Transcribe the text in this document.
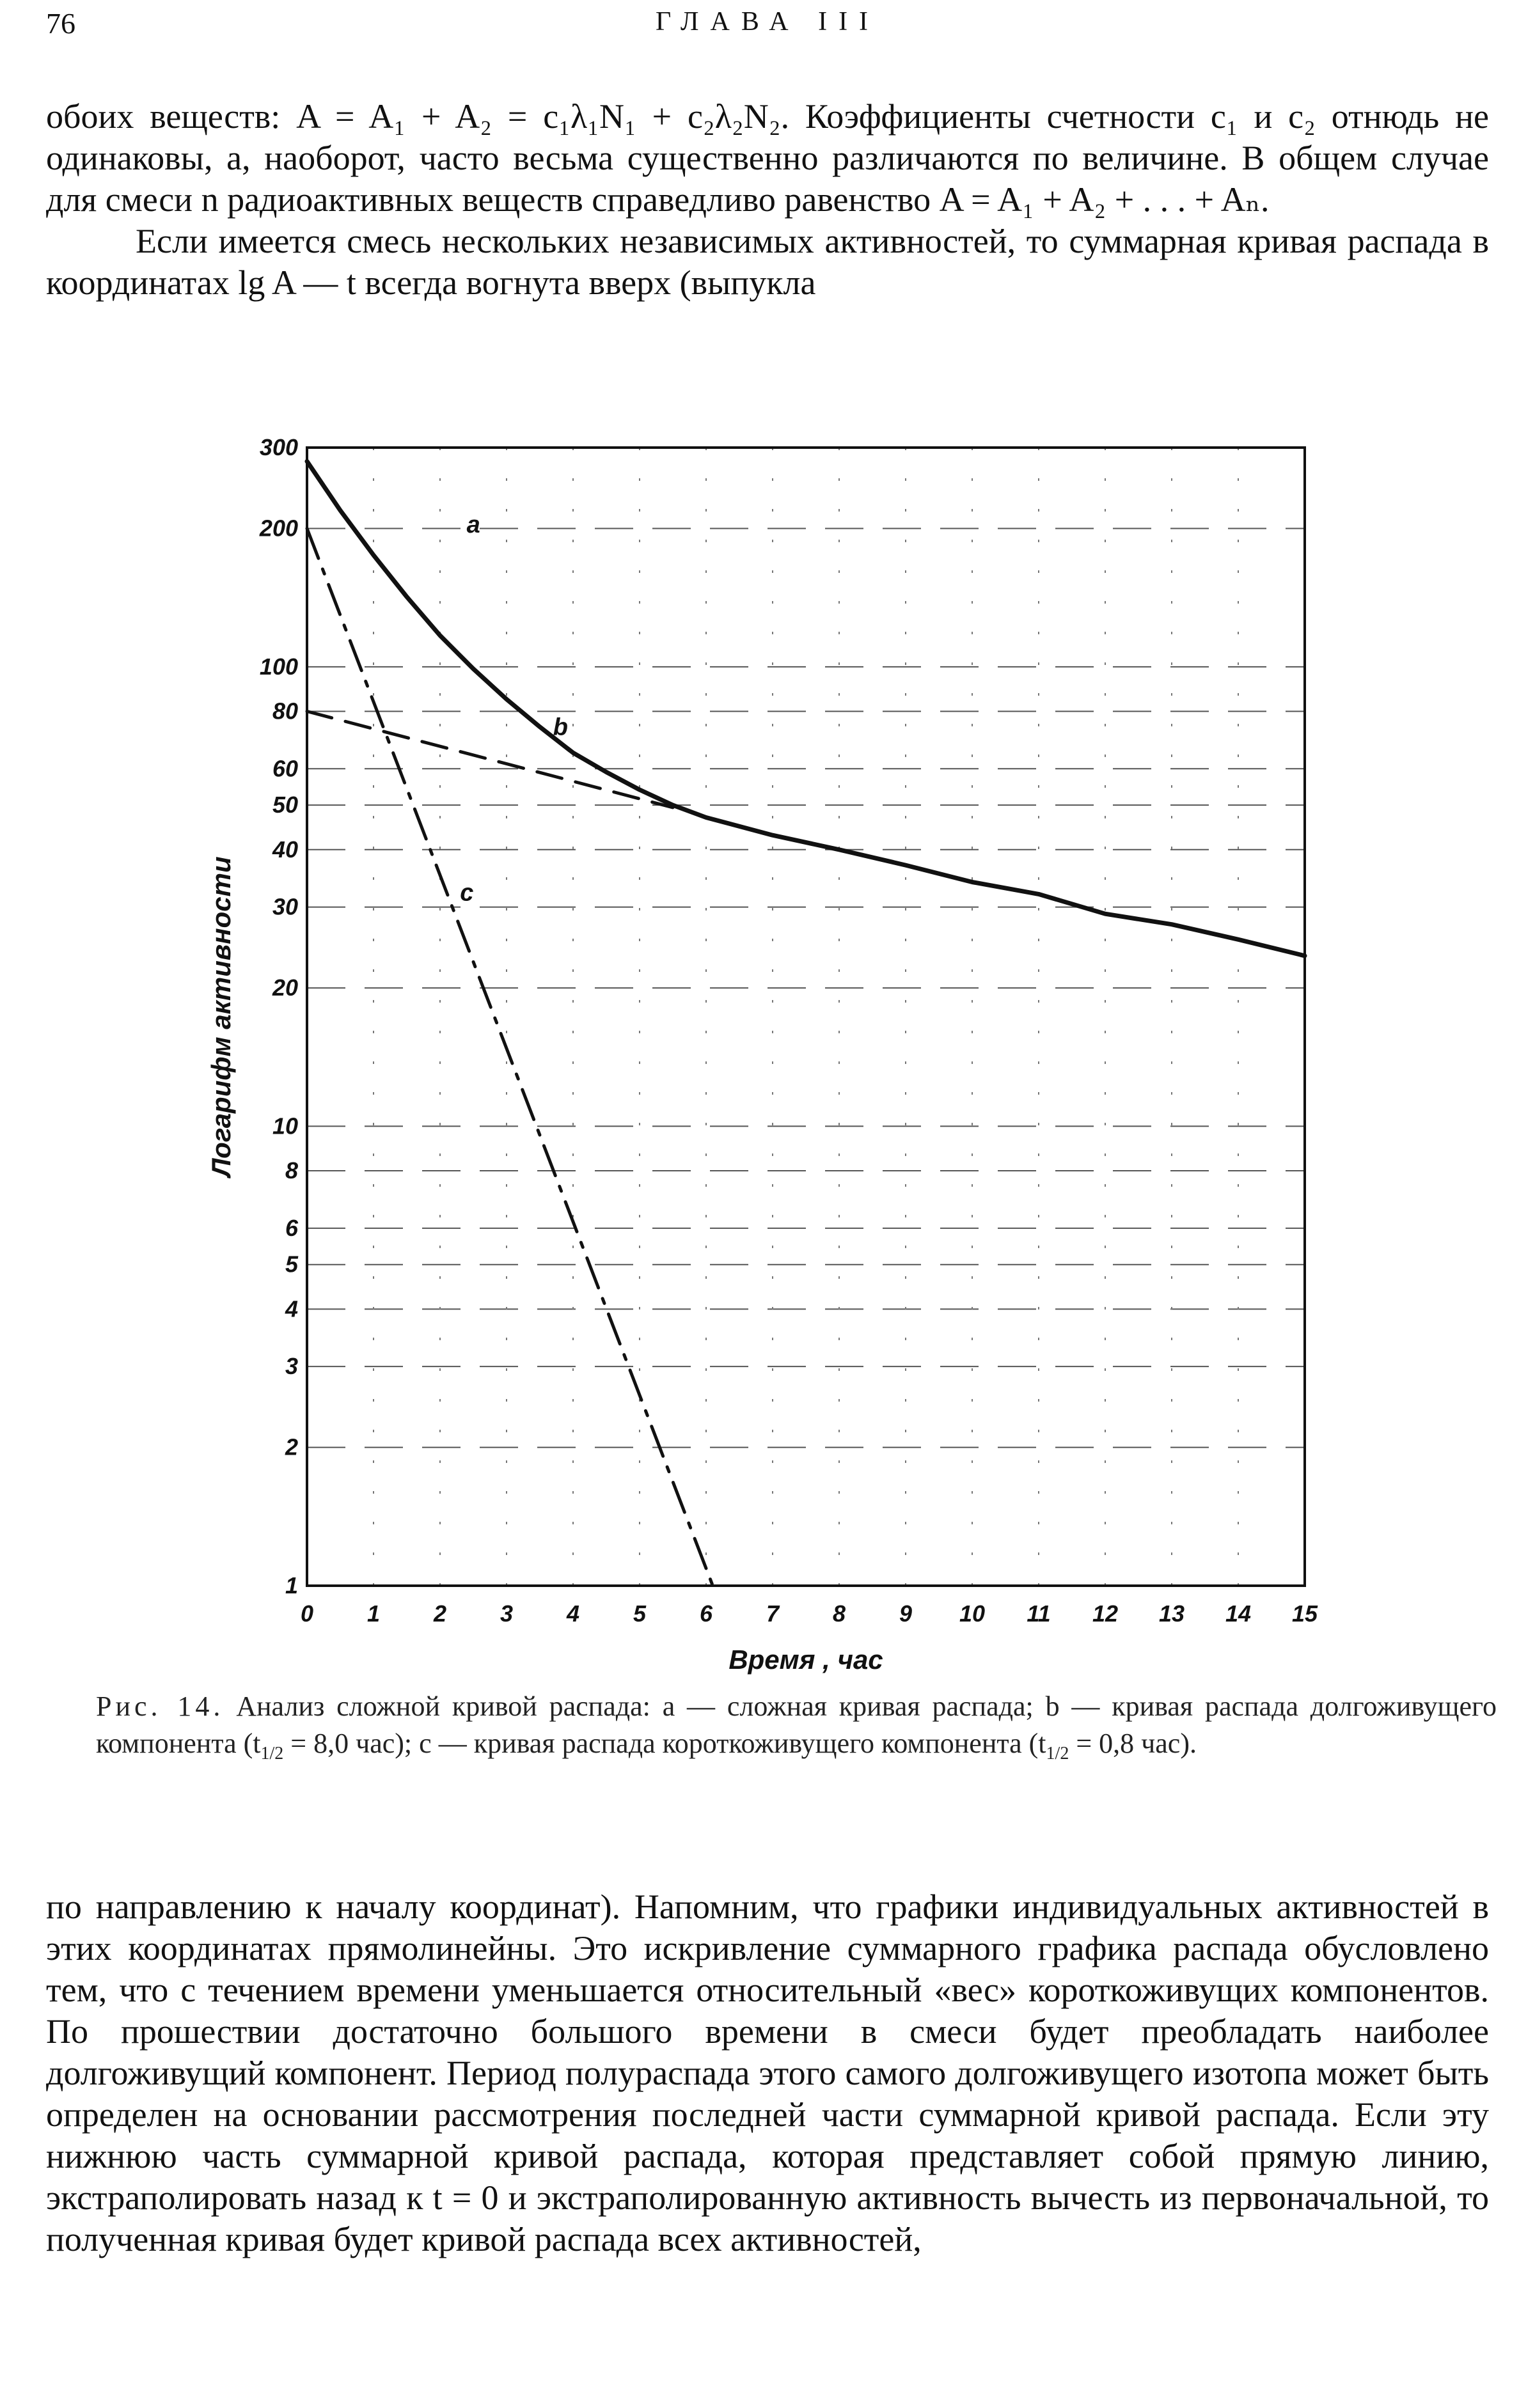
76	ГЛАВА III

обоих веществ: A = A₁ + A₂ = c₁λ₁N₁ + c₂λ₂N₂. Коэффициенты счетности c₁ и c₂ отнюдь не одинаковы, а, наоборот, часто весьма существенно различаются по величине. В общем случае для смеси n радиоактивных веществ справедливо равенство A = A₁ + A₂ + . . . + Aₙ.

Если имеется смесь нескольких независимых активностей, то суммарная кривая распада в координатах lg A — t всегда вогнута вверх (выпукла

a
b
c
1
2
3
4
5
6
8
10
20
30
40
50
60
80
100
200
300
0 1 2 3 4 5 6 7 8 9 10 11 12 13 14 15
Время , час
Логарифм активности
Рис. 14. Анализ сложной кривой распада: a — сложная кривая распада; b — кривая распада долгоживущего компонента ($t_{1/2} = 8,0$ час); c — кривая распада короткоживущего компонента ($t_{1/2} = 0,8$ час).

по направлению к началу координат). Напомним, что графики индивидуальных активностей в этих координатах прямолинейны. Это искривление суммарного графика распада обусловлено тем, что с течением времени уменьшается относительный «вес» короткоживущих компонентов. По прошествии достаточно большого времени в смеси будет преобладать наиболее долгоживущий компонент. Период полураспада этого самого долгоживущего изотопа может быть определен на основании рассмотрения последней части суммарной кривой распада. Если эту нижнюю часть суммарной кривой распада, которая представляет собой прямую линию, экстраполировать назад к t = 0 и экстраполированную активность вычесть из первоначальной, то полученная кривая будет кривой распада всех активностей,
